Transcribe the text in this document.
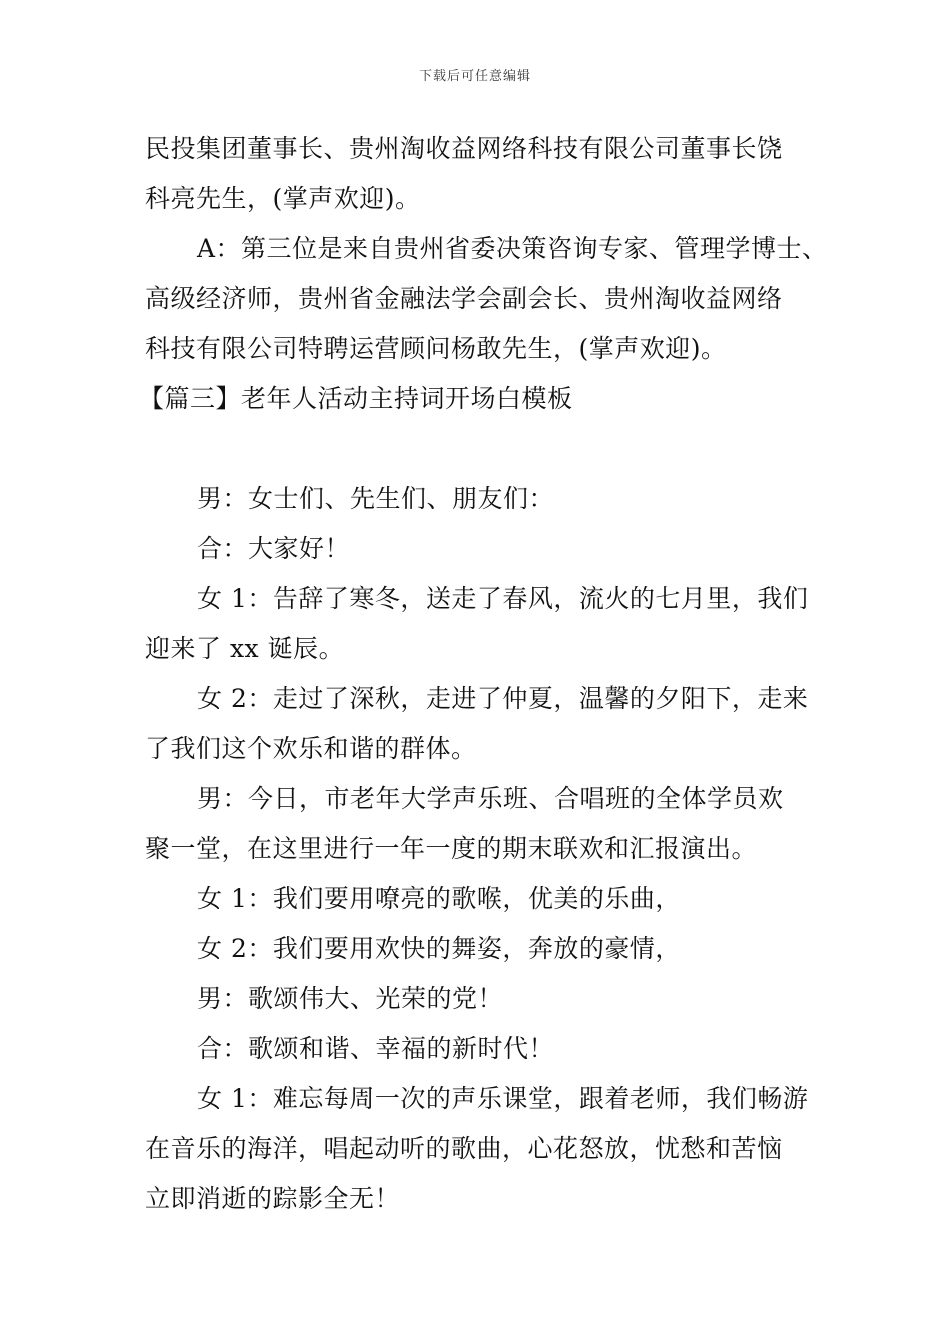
下载后可任意编辑
民投集团董事长、贵州淘收益网络科技有限公司董事长饶
科亮先生，(掌声欢迎)。
A：第三位是来自贵州省委决策咨询专家、管理学博士、
高级经济师，贵州省金融法学会副会长、贵州淘收益网络
科技有限公司特聘运营顾问杨敢先生，(掌声欢迎)。
【篇三】老年人活动主持词开场白模板
男：女士们、先生们、朋友们：
合：大家好！
女 1：告辞了寒冬，送走了春风，流火的七月里，我们
迎来了 xx 诞辰。
女 2：走过了深秋，走进了仲夏，温馨的夕阳下，走来
了我们这个欢乐和谐的群体。
男：今日，市老年大学声乐班、合唱班的全体学员欢
聚一堂，在这里进行一年一度的期末联欢和汇报演出。
女 1：我们要用嘹亮的歌喉，优美的乐曲，
女 2：我们要用欢快的舞姿，奔放的豪情，
男：歌颂伟大、光荣的党！
合：歌颂和谐、幸福的新时代！
女 1：难忘每周一次的声乐课堂，跟着老师，我们畅游
在音乐的海洋，唱起动听的歌曲，心花怒放，忧愁和苦恼
立即消逝的踪影全无！
